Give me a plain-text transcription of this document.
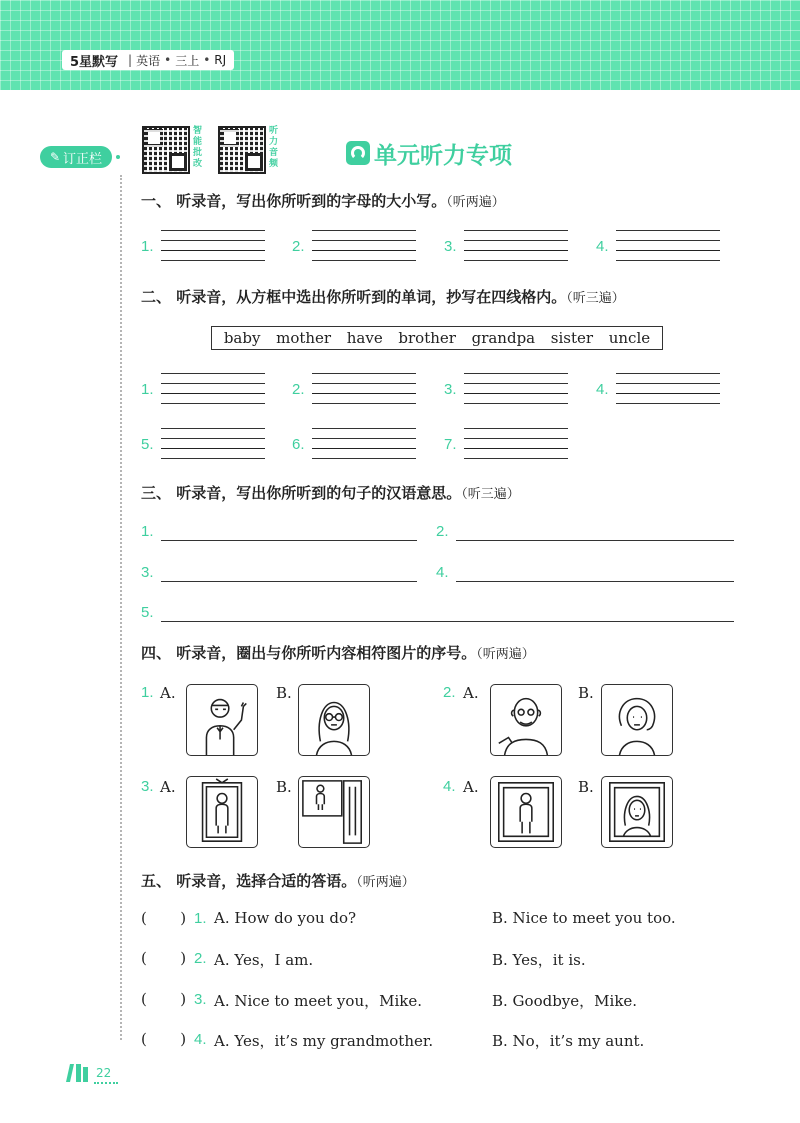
5星默写 | 英语 • 三上 • RJ
✎ 订正栏
智能批改
听力音频	单元听力专项
一、 听录音，写出你所听到的字母的大小写。（听两遍）
1.	2.	3.	4.
二、 听录音，从方框中选出你所听到的单词，抄写在四线格内。（听三遍）
baby mother have brother grandpa sister uncle
1.	2.	3.	4.
5.	6.	7.
三、 听录音，写出你所听到的句子的汉语意思。（听三遍）
1.	2.
3.	4.
5.
四、 听录音，圈出与你所听内容相符图片的序号。（听两遍）
1. A.	B.	2. A.	B.
3. A.	B.	4. A.	B.
五、 听录音，选择合适的答语。（听两遍）
(       ) 1. A. How do you do?	B. Nice to meet you too.
(       ) 2. A. Yes，I am.	B. Yes，it is.
(       ) 3. A. Nice to meet you，Mike.	B. Goodbye，Mike.
(       ) 4. A. Yes，it’s my grandmother.	B. No，it’s my aunt.
22
